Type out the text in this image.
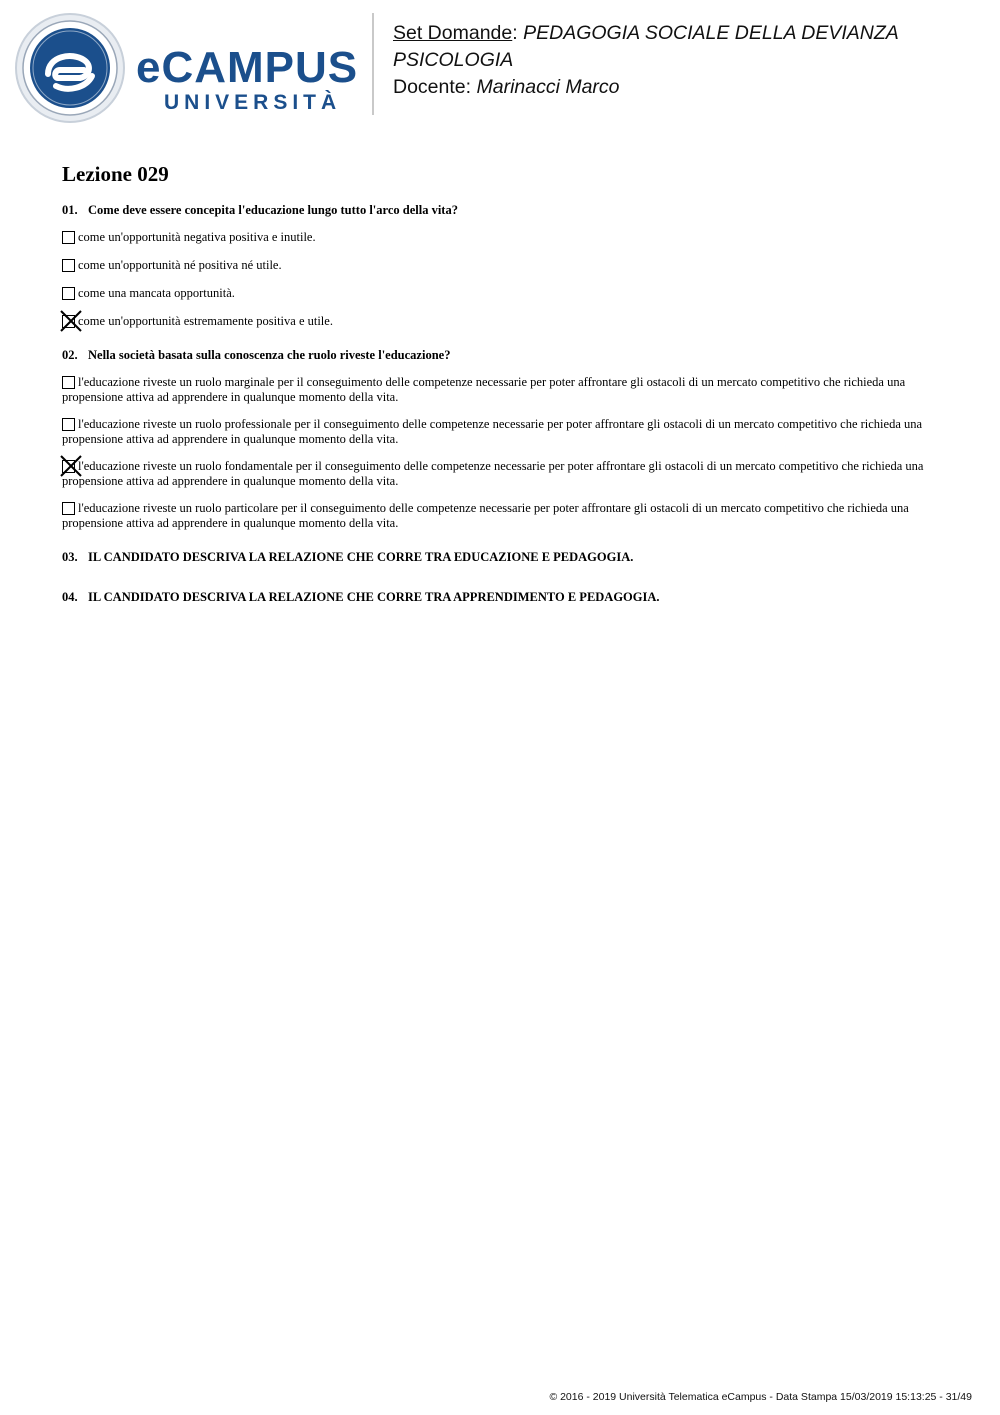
eCAMPUS
UNIVERSITÀ
Set Domande: PEDAGOGIA SOCIALE DELLA DEVIANZA
PSICOLOGIA
Docente: Marinacci Marco
Lezione 029
01. Come deve essere concepita l'educazione lungo tutto l'arco della vita?
come un'opportunità negativa positiva e inutile.
come un'opportunità né positiva né utile.
come una mancata opportunità.
come un'opportunità estremamente positiva e utile.
02. Nella società basata sulla conoscenza che ruolo riveste l'educazione?
l'educazione riveste un ruolo marginale per il conseguimento delle competenze necessarie per poter affrontare gli ostacoli di un mercato competitivo che richieda una propensione attiva ad apprendere in qualunque momento della vita.
l'educazione riveste un ruolo professionale per il conseguimento delle competenze necessarie per poter affrontare gli ostacoli di un mercato competitivo che richieda una propensione attiva ad apprendere in qualunque momento della vita.
l'educazione riveste un ruolo fondamentale per il conseguimento delle competenze necessarie per poter affrontare gli ostacoli di un mercato competitivo che richieda una propensione attiva ad apprendere in qualunque momento della vita.
l'educazione riveste un ruolo particolare per il conseguimento delle competenze necessarie per poter affrontare gli ostacoli di un mercato competitivo che richieda una propensione attiva ad apprendere in qualunque momento della vita.
03. IL CANDIDATO DESCRIVA LA RELAZIONE CHE CORRE TRA EDUCAZIONE E PEDAGOGIA.
04. IL CANDIDATO DESCRIVA LA RELAZIONE CHE CORRE TRA APPRENDIMENTO E PEDAGOGIA.
© 2016 - 2019 Università Telematica eCampus - Data Stampa 15/03/2019 15:13:25 - 31/49
